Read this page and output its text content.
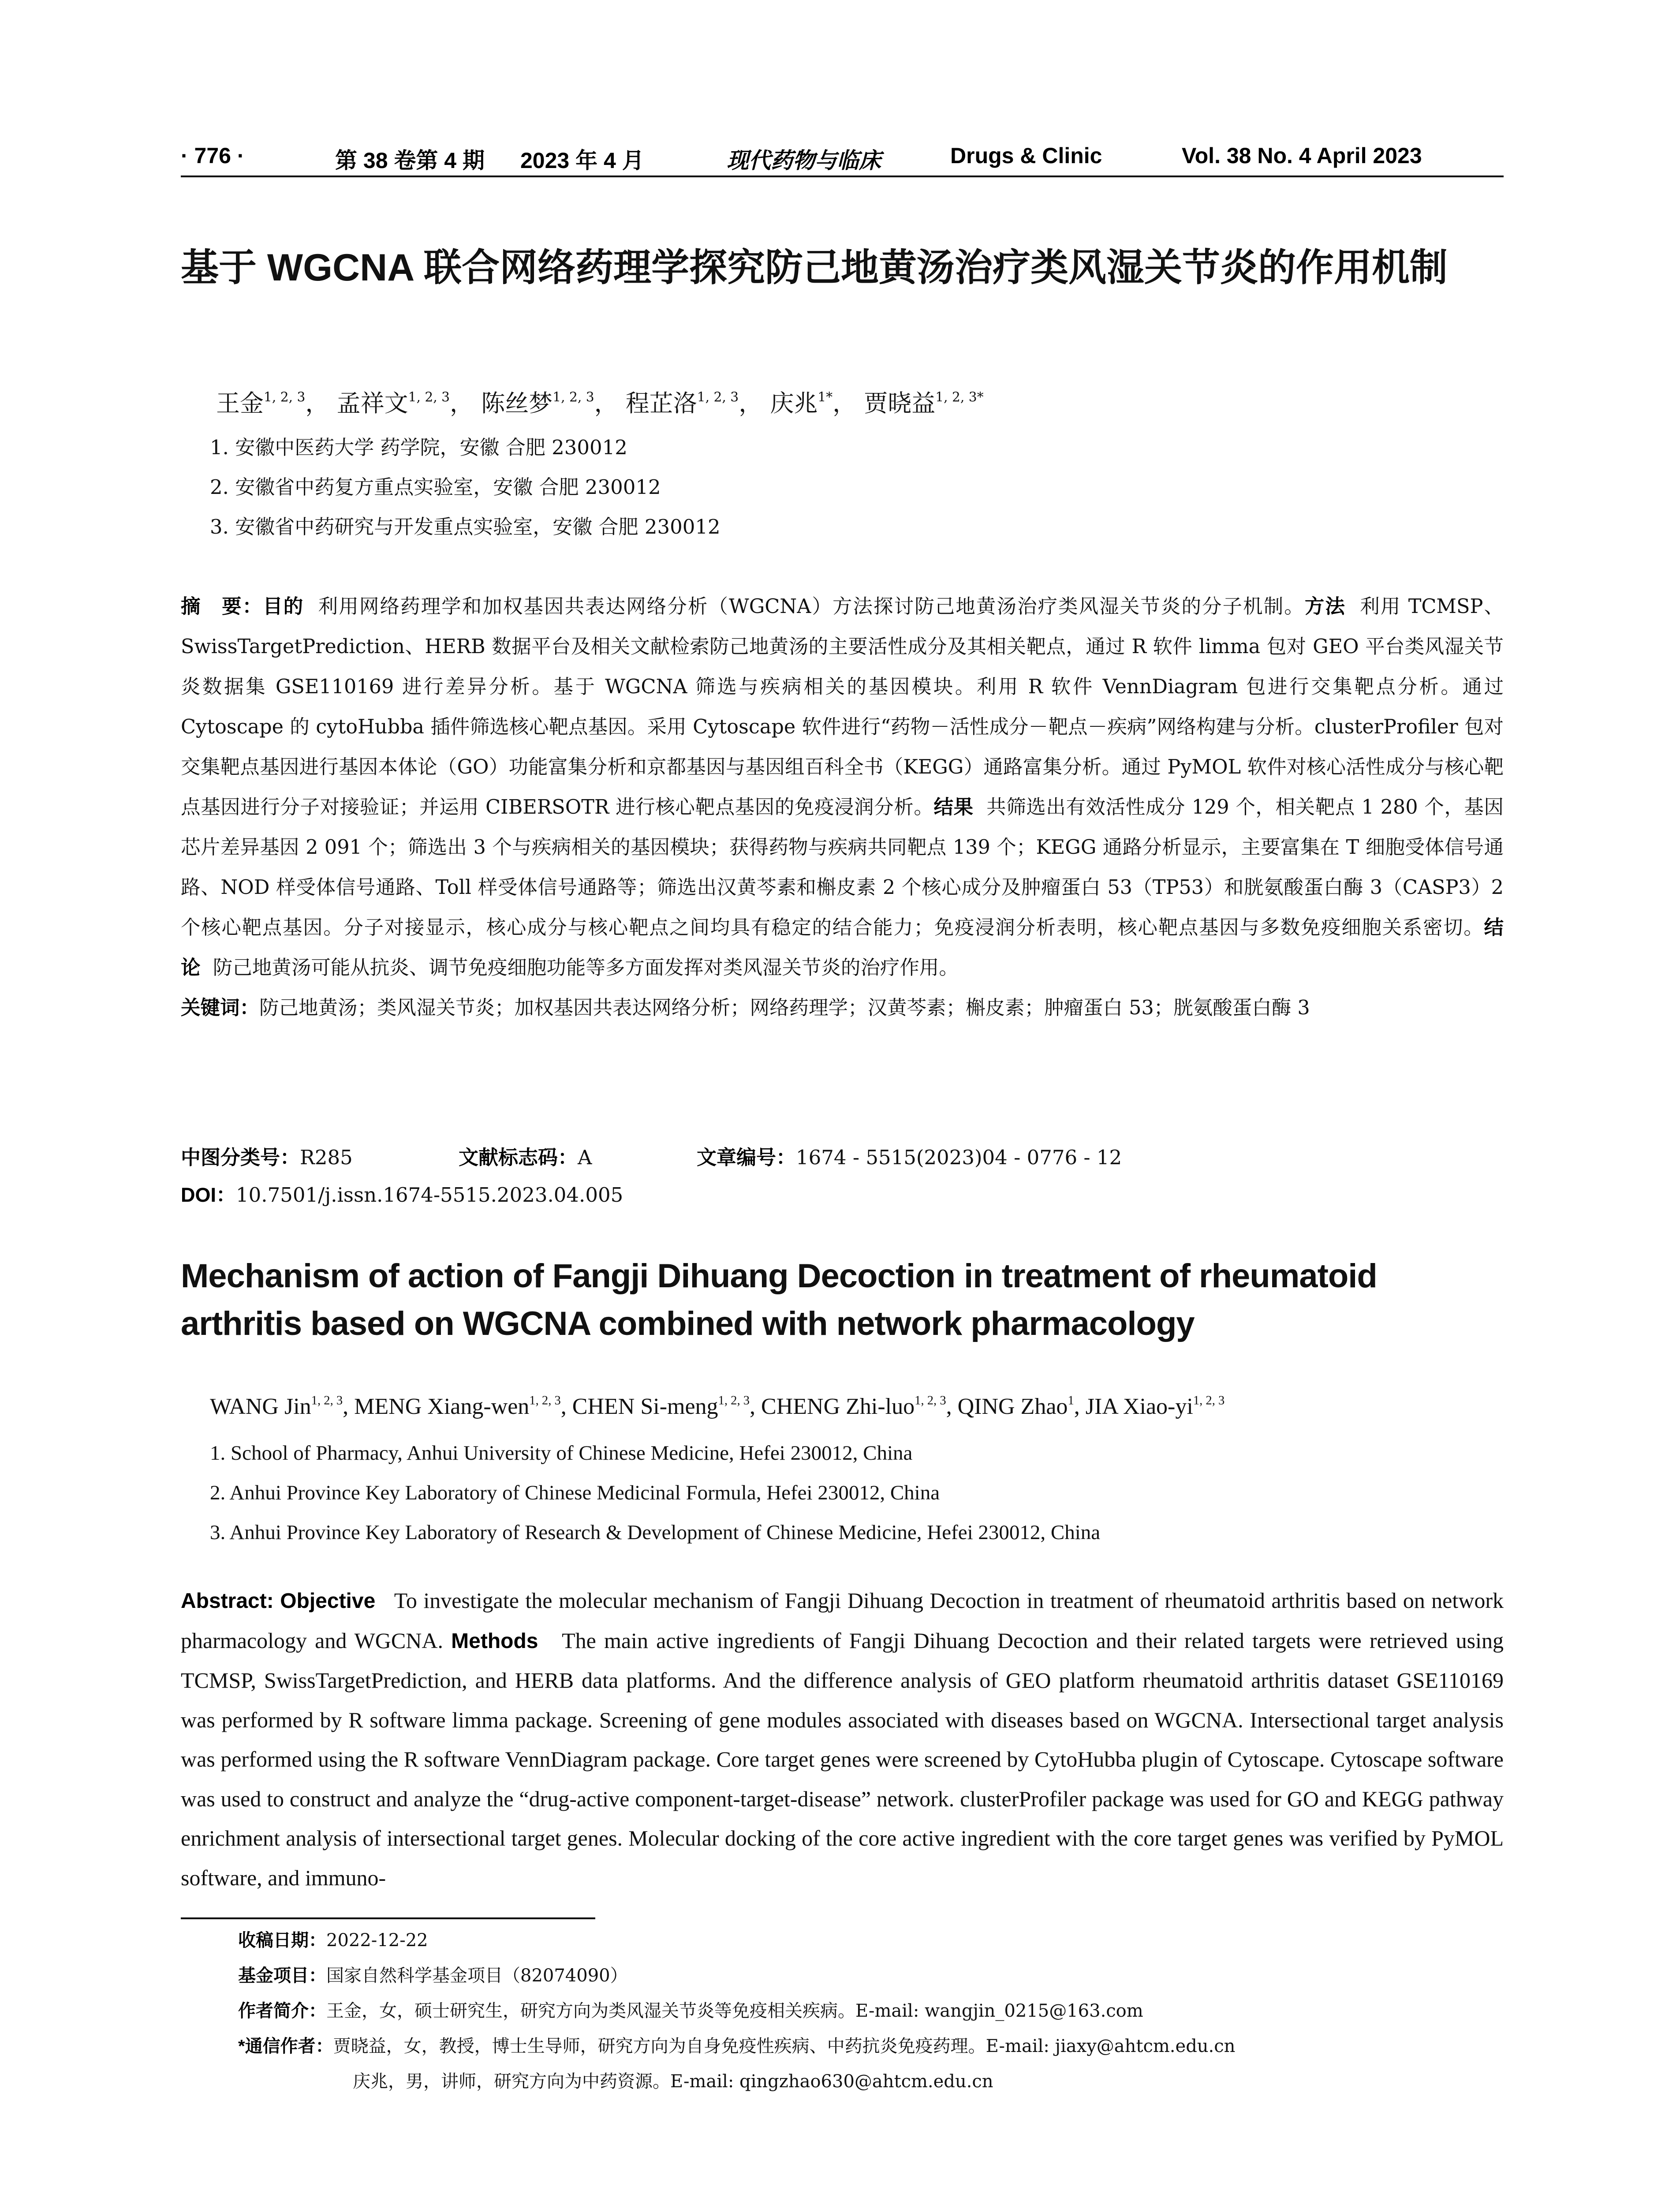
· 776 ·	第 38 卷第 4 期 2023 年 4 月	现代药物与临床	Drugs & Clinic	Vol. 38 No. 4 April 2023
基于 WGCNA 联合网络药理学探究防己地黄汤治疗类风湿关节炎的作用机制
王金$^{1, 2, 3}$， 孟祥文$^{1, 2, 3}$， 陈丝梦$^{1, 2, 3}$， 程芷洛$^{1, 2, 3}$， 庆兆$^{1*}$， 贾晓益$^{1, 2, 3*}$
1. 安徽中医药大学 药学院，安徽 合肥 230012
2. 安徽省中药复方重点实验室，安徽 合肥 230012
3. 安徽省中药研究与开发重点实验室，安徽 合肥 230012
摘　要：目的 利用网络药理学和加权基因共表达网络分析（WGCNA）方法探讨防己地黄汤治疗类风湿关节炎的分子机制。方法 利用 TCMSP、SwissTargetPrediction、HERB 数据平台及相关文献检索防己地黄汤的主要活性成分及其相关靶点，通过 R 软件 limma 包对 GEO 平台类风湿关节炎数据集 GSE110169 进行差异分析。基于 WGCNA 筛选与疾病相关的基因模块。利用 R 软件 VennDiagram 包进行交集靶点分析。通过 Cytoscape 的 cytoHubba 插件筛选核心靶点基因。采用 Cytoscape 软件进行“药物－活性成分－靶点－疾病”网络构建与分析。clusterProfiler 包对交集靶点基因进行基因本体论（GO）功能富集分析和京都基因与基因组百科全书（KEGG）通路富集分析。通过 PyMOL 软件对核心活性成分与核心靶点基因进行分子对接验证；并运用 CIBERSOTR 进行核心靶点基因的免疫浸润分析。结果 共筛选出有效活性成分 129 个，相关靶点 1 280 个，基因芯片差异基因 2 091 个；筛选出 3 个与疾病相关的基因模块；获得药物与疾病共同靶点 139 个；KEGG 通路分析显示，主要富集在 T 细胞受体信号通路、NOD 样受体信号通路、Toll 样受体信号通路等；筛选出汉黄芩素和槲皮素 2 个核心成分及肿瘤蛋白 53（TP53）和胱氨酸蛋白酶 3（CASP3）2 个核心靶点基因。分子对接显示，核心成分与核心靶点之间均具有稳定的结合能力；免疫浸润分析表明，核心靶点基因与多数免疫细胞关系密切。结论 防己地黄汤可能从抗炎、调节免疫细胞功能等多方面发挥对类风湿关节炎的治疗作用。
关键词：防己地黄汤；类风湿关节炎；加权基因共表达网络分析；网络药理学；汉黄芩素；槲皮素；肿瘤蛋白 53；胱氨酸蛋白酶 3
中图分类号：R285	文献标志码：A	文章编号：1674 - 5515(2023)04 - 0776 - 12
DOI：10.7501/j.issn.1674-5515.2023.04.005
Mechanism of action of Fangji Dihuang Decoction in treatment of rheumatoid arthritis based on WGCNA combined with network pharmacology
WANG Jin$^{1, 2, 3}$, MENG Xiang-wen$^{1, 2, 3}$, CHEN Si-meng$^{1, 2, 3}$, CHENG Zhi-luo$^{1, 2, 3}$, QING Zhao$^1$, JIA Xiao-yi$^{1, 2, 3}$
1. School of Pharmacy, Anhui University of Chinese Medicine, Hefei 230012, China
2. Anhui Province Key Laboratory of Chinese Medicinal Formula, Hefei 230012, China
3. Anhui Province Key Laboratory of Research & Development of Chinese Medicine, Hefei 230012, China
Abstract: Objective To investigate the molecular mechanism of Fangji Dihuang Decoction in treatment of rheumatoid arthritis based on network pharmacology and WGCNA. Methods The main active ingredients of Fangji Dihuang Decoction and their related targets were retrieved using TCMSP, SwissTargetPrediction, and HERB data platforms. And the difference analysis of GEO platform rheumatoid arthritis dataset GSE110169 was performed by R software limma package. Screening of gene modules associated with diseases based on WGCNA. Intersectional target analysis was performed using the R software VennDiagram package. Core target genes were screened by CytoHubba plugin of Cytoscape. Cytoscape software was used to construct and analyze the “drug-active component-target-disease” network. clusterProfiler package was used for GO and KEGG pathway enrichment analysis of intersectional target genes. Molecular docking of the core active ingredient with the core target genes was verified by PyMOL software, and immuno-
收稿日期：2022-12-22
基金项目：国家自然科学基金项目（82074090）
作者简介：王金，女，硕士研究生，研究方向为类风湿关节炎等免疫相关疾病。E-mail: wangjin_0215@163.com
*通信作者：贾晓益，女，教授，博士生导师，研究方向为自身免疫性疾病、中药抗炎免疫药理。E-mail: jiaxy@ahtcm.edu.cn
庆兆，男，讲师，研究方向为中药资源。E-mail: qingzhao630@ahtcm.edu.cn
